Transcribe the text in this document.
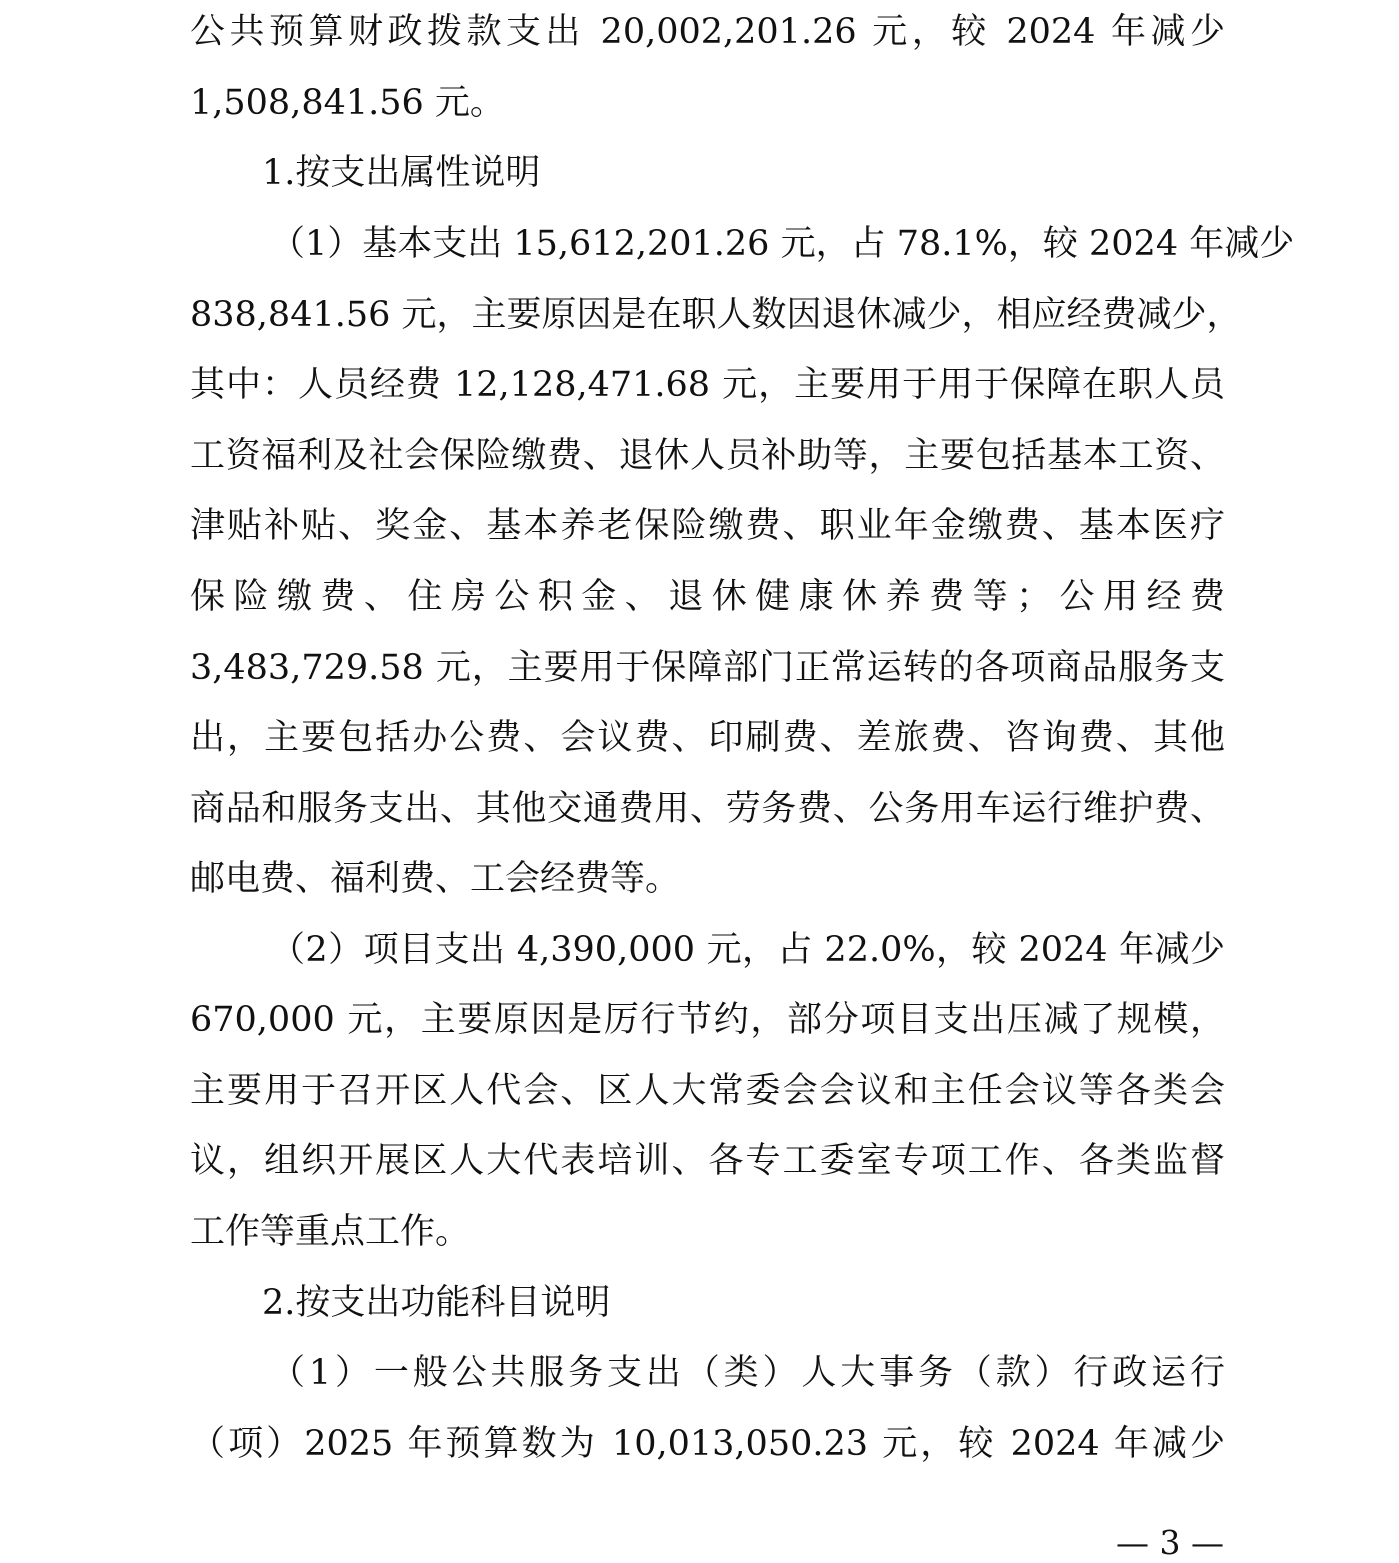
公共预算财政拨款支出 20,002,201.26 元，较 2024 年减少
1,508,841.56 元。
1.按支出属性说明
（1）基本支出 15,612,201.26 元，占 78.1%，较 2024 年减少
838,841.56 元，主要原因是在职人数因退休减少，相应经费减少，
其中：人员经费 12,128,471.68 元，主要用于用于保障在职人员
工资福利及社会保险缴费、退休人员补助等，主要包括基本工资、
津贴补贴、奖金、基本养老保险缴费、职业年金缴费、基本医疗
保险缴费、住房公积金、退休健康休养费等；公用经费
3,483,729.58 元，主要用于保障部门正常运转的各项商品服务支
出，主要包括办公费、会议费、印刷费、差旅费、咨询费、其他
商品和服务支出、其他交通费用、劳务费、公务用车运行维护费、
邮电费、福利费、工会经费等。
（2）项目支出 4,390,000 元，占 22.0%，较 2024 年减少
670,000 元，主要原因是厉行节约，部分项目支出压减了规模，
主要用于召开区人代会、区人大常委会会议和主任会议等各类会
议，组织开展区人大代表培训、各专工委室专项工作、各类监督
工作等重点工作。
2.按支出功能科目说明
（1）一般公共服务支出（类）人大事务（款）行政运行
（项）2025 年预算数为 10,013,050.23 元，较 2024 年减少
— 3 —
